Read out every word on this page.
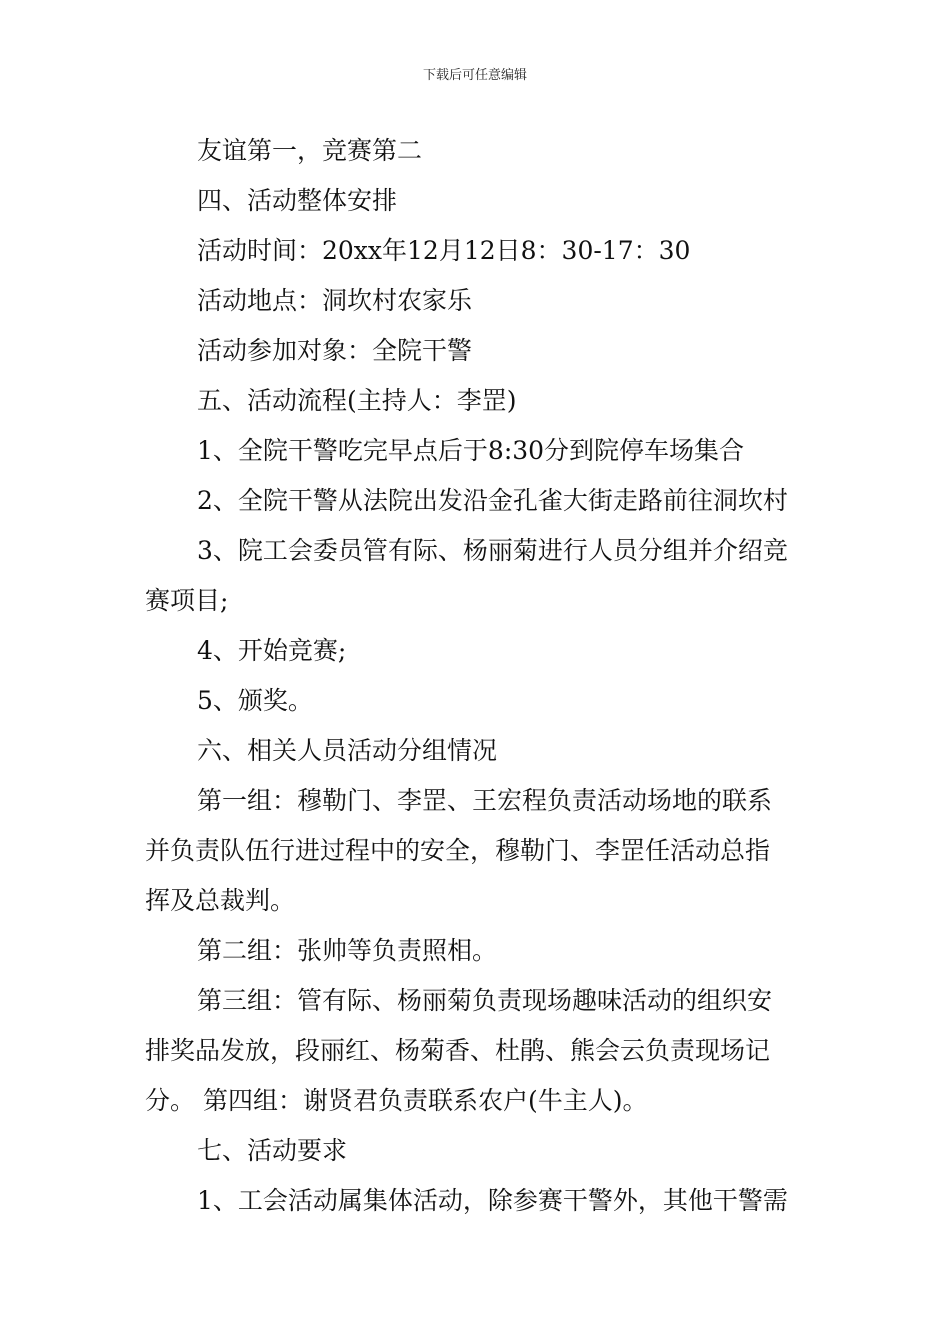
下载后可任意编辑
友谊第一，竞赛第二
四、活动整体安排
活动时间：20xx年12月12日8：30-17：30
活动地点：洞坎村农家乐
活动参加对象：全院干警
五、活动流程(主持人：李罡)
1、全院干警吃完早点后于8:30分到院停车场集合
2、全院干警从法院出发沿金孔雀大街走路前往洞坎村
3、院工会委员管有际、杨丽菊进行人员分组并介绍竞
赛项目;
4、开始竞赛;
5、颁奖。
六、相关人员活动分组情况
第一组：穆勒门、李罡、王宏程负责活动场地的联系
并负责队伍行进过程中的安全，穆勒门、李罡任活动总指
挥及总裁判。
第二组：张帅等负责照相。
第三组：管有际、杨丽菊负责现场趣味活动的组织安
排奖品发放，段丽红、杨菊香、杜鹃、熊会云负责现场记
分。 第四组：谢贤君负责联系农户(牛主人)。
七、活动要求
1、工会活动属集体活动，除参赛干警外，其他干警需
